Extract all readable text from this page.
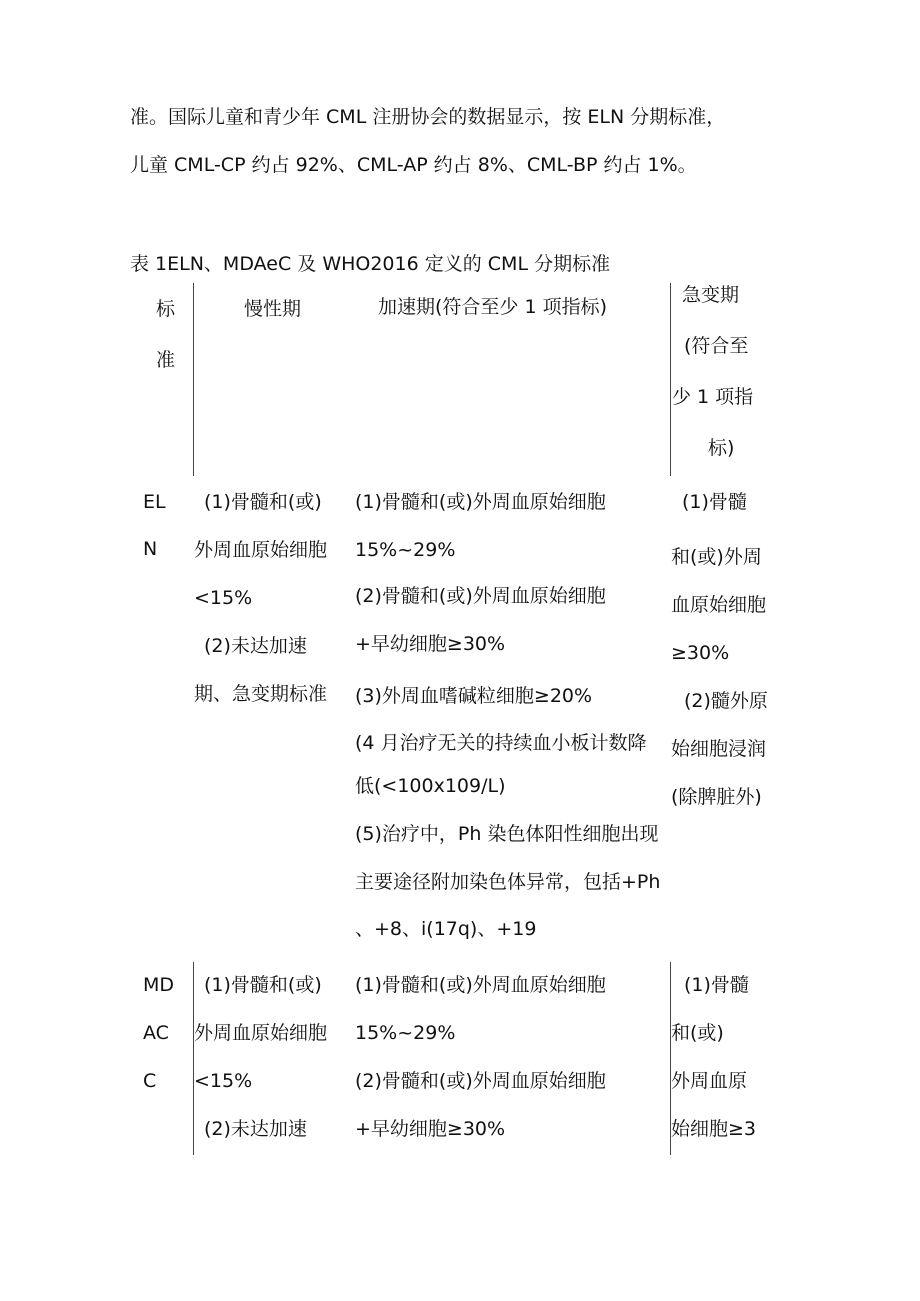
准。国际儿童和青少年 CML 注册协会的数据显示，按 ELN 分期标准，
儿童 CML-CP 约占 92%、CML-AP 约占 8%、CML-BP 约占 1%。
表 1ELN、MDAeC 及 WHO2016 定义的 CML 分期标准
标
准
慢性期	加速期(符合至少 1 项指标)
急变期
(符合至
少 1 项指
标)
EL
N
(1)骨髓和(或)
外周血原始细胞
<15%
(2)未达加速
期、急变期标准
(1)骨髓和(或)外周血原始细胞
15%~29%
(2)骨髓和(或)外周血原始细胞
+早幼细胞≥30%
(3)外周血嗜碱粒细胞≥20%
(4 月治疗无关的持续血小板计数降
低(<100x109/L)
(5)治疗中，Ph 染色体阳性细胞出现
主要途径附加染色体异常，包括+Ph
、+8、i(17q)、+19
(1)骨髓
和(或)外周
血原始细胞
≥30%
(2)髓外原
始细胞浸润
(除脾脏外)
MD
AC
C
(1)骨髓和(或)
外周血原始细胞
<15%
(2)未达加速
(1)骨髓和(或)外周血原始细胞
15%~29%
(2)骨髓和(或)外周血原始细胞
+早幼细胞≥30%
(1)骨髓
和(或)
外周血原
始细胞≥3
